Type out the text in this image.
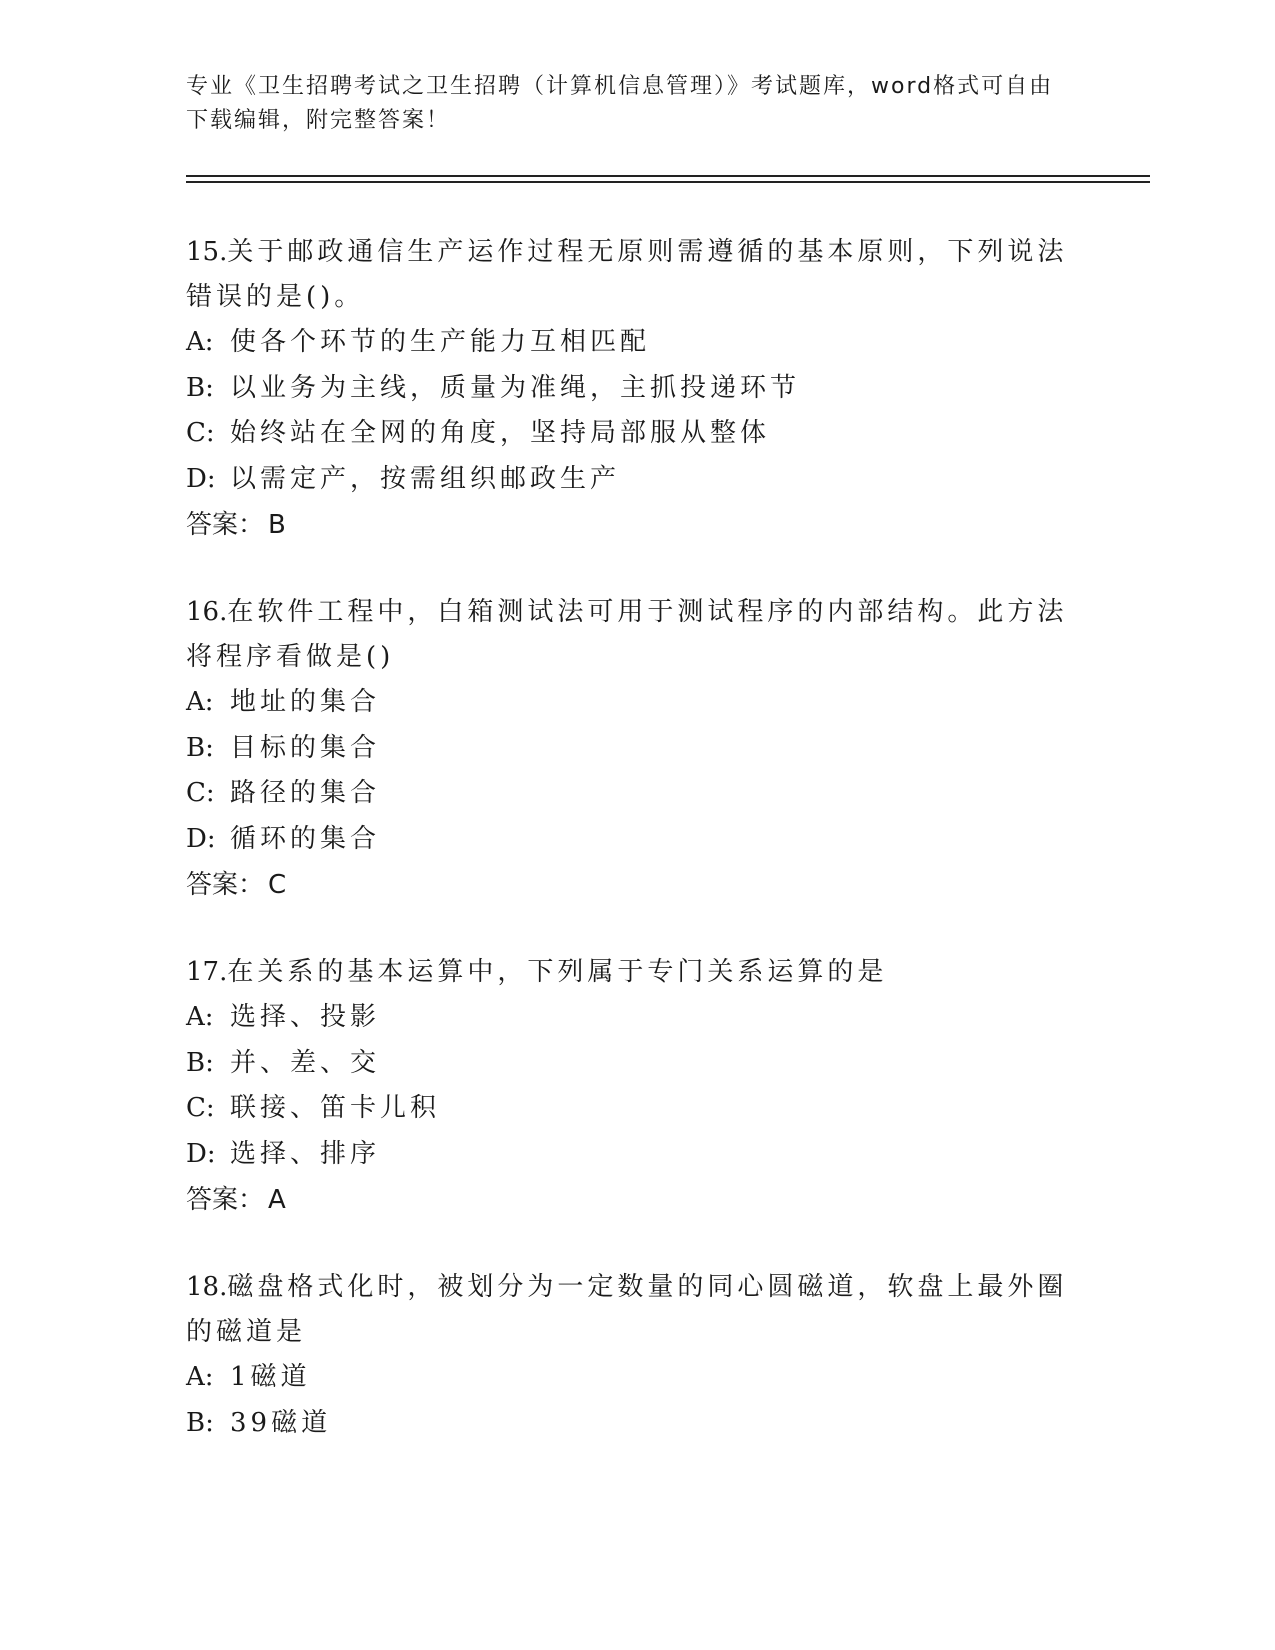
专业《卫生招聘考试之卫生招聘（计算机信息管理）》考试题库，word格式可自由下载编辑，附完整答案！

15.关于邮政通信生产运作过程无原则需遵循的基本原则，下列说法错误的是()。

A: 使各个环节的生产能力互相匹配

B: 以业务为主线，质量为准绳，主抓投递环节

C: 始终站在全网的角度，坚持局部服从整体

D: 以需定产，按需组织邮政生产

答案： B

16.在软件工程中，白箱测试法可用于测试程序的内部结构。此方法将程序看做是()

A: 地址的集合

B: 目标的集合

C: 路径的集合

D: 循环的集合

答案： C

17.在关系的基本运算中，下列属于专门关系运算的是

A: 选择、投影

B: 并、差、交

C: 联接、笛卡儿积

D: 选择、排序

答案： A

18.磁盘格式化时，被划分为一定数量的同心圆磁道，软盘上最外圈的磁道是

A: 1磁道

B: 39磁道
